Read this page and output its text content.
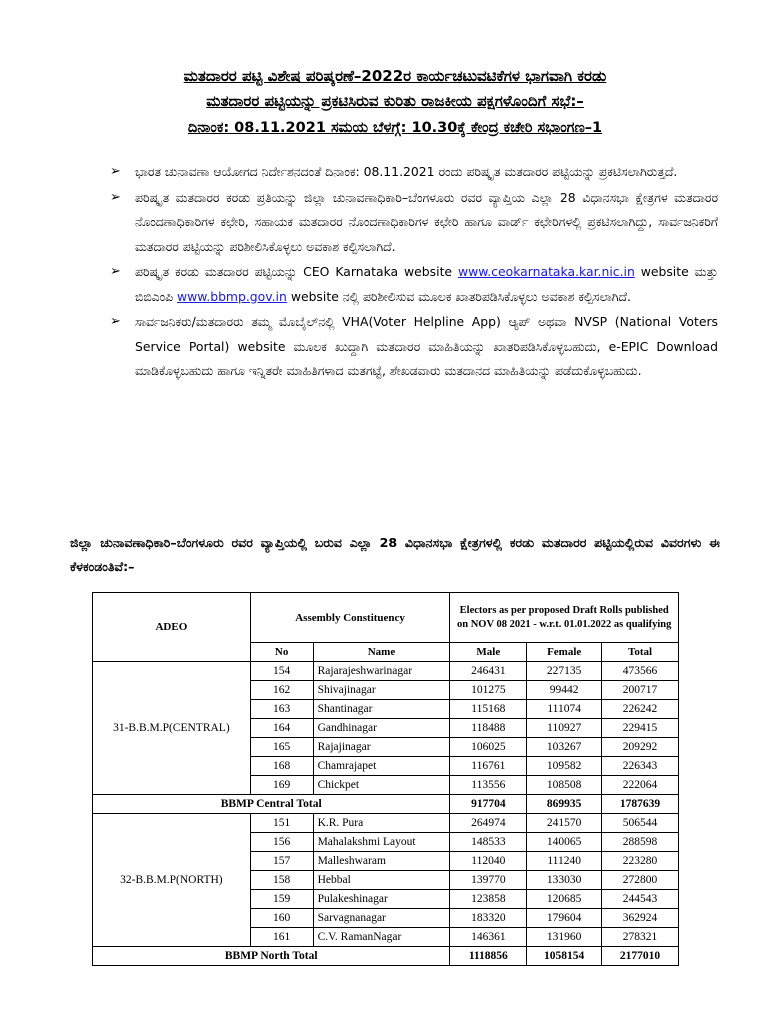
ಮತದಾರರ ಪಟ್ಟಿ ವಿಶೇಷ ಪರಿಷ್ಕರಣೆ–2022ರ ಕಾರ್ಯಚಟುವಟಿಕೆಗಳ ಭಾಗವಾಗಿ ಕರಡು
ಮತದಾರರ ಪಟ್ಟಿಯನ್ನು ಪ್ರಕಟಿಸಿರುವ ಕುರಿತು ರಾಜಕೀಯ ಪಕ್ಷಗಳೊಂದಿಗೆ ಸಭೆ:–
ದಿನಾಂಕ: 08.11.2021 ಸಮಯ ಬೆಳಗ್ಗೆ: 10.30ಕ್ಕೆ ಕೇಂದ್ರ ಕಚೇರಿ ಸಭಾಂಗಣ–1
➢ ಭಾರತ ಚುನಾವಣಾ ಆಯೋಗದ ನಿರ್ದೇಶನದಂತೆ ದಿನಾಂಕ: 08.11.2021 ರಂದು ಪರಿಷ್ಕೃತ ಮತದಾರರ ಪಟ್ಟಿಯನ್ನು ಪ್ರಕಟಿಸಲಾಗಿರುತ್ತದೆ.
➢ ಪರಿಷ್ಕೃತ ಮತದಾರರ ಕರಡು ಪ್ರತಿಯನ್ನು ಜಿಲ್ಲಾ ಚುನಾವಣಾಧಿಕಾರಿ–ಬೆಂಗಳೂರು ರವರ ವ್ಯಾಪ್ತಿಯ ಎಲ್ಲಾ 28 ವಿಧಾನಸಭಾ ಕ್ಷೇತ್ರಗಳ ಮತದಾರರ ನೊಂದಣಾಧಿಕಾರಿಗಳ ಕಛೇರಿ, ಸಹಾಯಕ ಮತದಾರರ ನೊಂದಣಾಧಿಕಾರಿಗಳ ಕಛೇರಿ ಹಾಗೂ ವಾರ್ಡ್ ಕಛೇರಿಗಳಲ್ಲಿ ಪ್ರಕಟಿಸಲಾಗಿದ್ದು, ಸಾರ್ವಜನಿಕರಿಗೆ ಮತದಾರರ ಪಟ್ಟಿಯನ್ನು ಪರಿಶೀಲಿಸಿಕೊಳ್ಳಲು ಅವಕಾಶ ಕಲ್ಪಿಸಲಾಗಿದೆ.
➢ ಪರಿಷ್ಕೃತ ಕರಡು ಮತದಾರರ ಪಟ್ಟಿಯನ್ನು CEO Karnataka website www.ceokarnataka.kar.nic.in website ಮತ್ತು ಬಿಬಿಎಂಪಿ www.bbmp.gov.in website ನಲ್ಲಿ ಪರಿಶೀಲಿಸುವ ಮೂಲಕ ಖಾತರಿಪಡಿಸಿಕೊಳ್ಳಲು ಅವಕಾಶ ಕಲ್ಪಿಸಲಾಗಿದೆ.
➢ ಸಾರ್ವಜನಿಕರು/ಮತದಾರರು ತಮ್ಮ ಮೊಬೈಲ್‌ನಲ್ಲಿ VHA(Voter Helpline App) ಆ್ಯಪ್ ಅಥವಾ NVSP (National Voters Service Portal) website ಮೂಲಕ ಖುದ್ದಾಗಿ ಮತದಾರರ ಮಾಹಿತಿಯನ್ನು ಖಾತರಿಪಡಿಸಿಕೊಳ್ಳಬಹುದು, e-EPIC Download ಮಾಡಿಕೊಳ್ಳಬಹುದು ಹಾಗೂ ಇನ್ನಿತರೇ ಮಾಹಿತಿಗಳಾದ ಮತಗಟ್ಟೆ, ಶೇಖಡವಾರು ಮತದಾನದ ಮಾಹಿತಿಯನ್ನು ಪಡೆದುಕೊಳ್ಳಬಹುದು.
ಜಿಲ್ಲಾ ಚುನಾವಣಾಧಿಕಾರಿ–ಬೆಂಗಳೂರು ರವರ ವ್ಯಾಪ್ತಿಯಲ್ಲಿ ಬರುವ ಎಲ್ಲಾ 28 ವಿಧಾನಸಭಾ ಕ್ಷೇತ್ರಗಳಲ್ಲಿ ಕರಡು ಮತದಾರರ ಪಟ್ಟಿಯಲ್ಲಿರುವ ವಿವರಗಳು ಈ ಕೆಳಕಂಡಂತಿವೆ:–
ADEO	Assembly Constituency		Electors as per proposed Draft Rolls published on NOV 08 2021 - w.r.t. 01.01.2022 as qualifying		
	No	Name	Male	Female	Total
31-B.B.M.P(CENTRAL)	154	Rajarajeshwarinagar	246431	227135	473566
	162	Shivajinagar	101275	99442	200717
	163	Shantinagar	115168	111074	226242
	164	Gandhinagar	118488	110927	229415
	165	Rajajinagar	106025	103267	209292
	168	Chamrajapet	116761	109582	226343
	169	Chickpet	113556	108508	222064
BBMP Central Total			917704	869935	1787639
32-B.B.M.P(NORTH)	151	K.R. Pura	264974	241570	506544
	156	Mahalakshmi Layout	148533	140065	288598
	157	Malleshwaram	112040	111240	223280
	158	Hebbal	139770	133030	272800
	159	Pulakeshinagar	123858	120685	244543
	160	Sarvagnanagar	183320	179604	362924
	161	C.V. RamanNagar	146361	131960	278321
BBMP North Total			1118856	1058154	2177010
